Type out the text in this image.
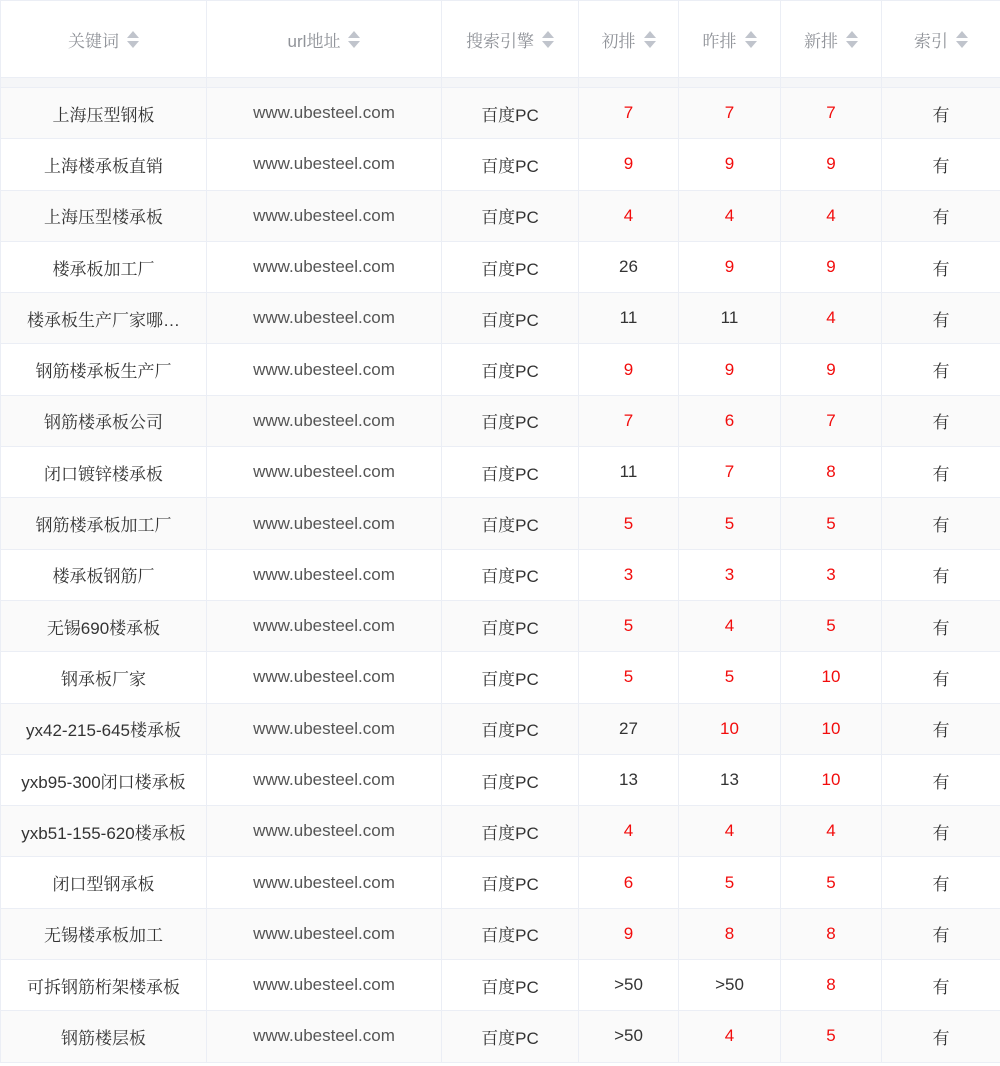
关键词	url地址	搜索引擎	初排	昨排	新排	索引

上海压型钢板	www.ubesteel.com	百度PC	7	7	7	有
上海楼承板直销	www.ubesteel.com	百度PC	9	9	9	有
上海压型楼承板	www.ubesteel.com	百度PC	4	4	4	有
楼承板加工厂	www.ubesteel.com	百度PC	26	9	9	有
楼承板生产厂家哪…	www.ubesteel.com	百度PC	11	11	4	有
钢筋楼承板生产厂	www.ubesteel.com	百度PC	9	9	9	有
钢筋楼承板公司	www.ubesteel.com	百度PC	7	6	7	有
闭口镀锌楼承板	www.ubesteel.com	百度PC	11	7	8	有
钢筋楼承板加工厂	www.ubesteel.com	百度PC	5	5	5	有
楼承板钢筋厂	www.ubesteel.com	百度PC	3	3	3	有
无锡690楼承板	www.ubesteel.com	百度PC	5	4	5	有
钢承板厂家	www.ubesteel.com	百度PC	5	5	10	有
yx42-215-645楼承板	www.ubesteel.com	百度PC	27	10	10	有
yxb95-300闭口楼承板	www.ubesteel.com	百度PC	13	13	10	有
yxb51-155-620楼承板	www.ubesteel.com	百度PC	4	4	4	有
闭口型钢承板	www.ubesteel.com	百度PC	6	5	5	有
无锡楼承板加工	www.ubesteel.com	百度PC	9	8	8	有
可拆钢筋桁架楼承板	www.ubesteel.com	百度PC	>50	>50	8	有
钢筋楼层板	www.ubesteel.com	百度PC	>50	4	5	有
